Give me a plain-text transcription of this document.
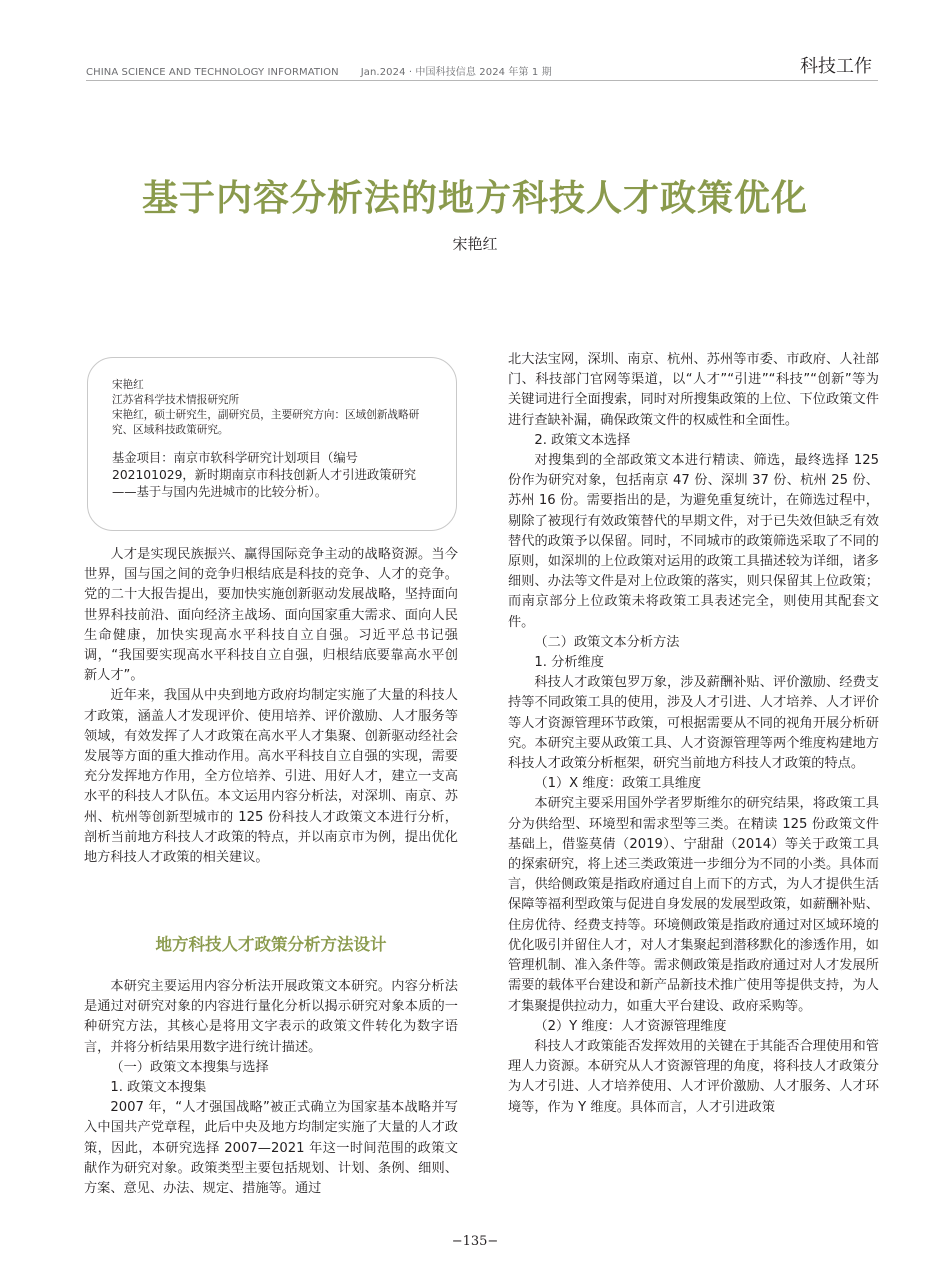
CHINA SCIENCE AND TECHNOLOGY INFORMATION Jan.2024 · 中国科技信息 2024 年第 1 期	科技工作
基于内容分析法的地方科技人才政策优化
宋艳红
宋艳红
江苏省科学技术情报研究所
宋艳红，硕士研究生，副研究员，主要研究方向：区域创新战略研究、区域科技政策研究。
基金项目：南京市软科学研究计划项目（编号202101029，新时期南京市科技创新人才引进政策研究——基于与国内先进城市的比较分析）。

人才是实现民族振兴、赢得国际竞争主动的战略资源。当今世界，国与国之间的竞争归根结底是科技的竞争、人才的竞争。党的二十大报告提出，要加快实施创新驱动发展战略，坚持面向世界科技前沿、面向经济主战场、面向国家重大需求、面向人民生命健康，加快实现高水平科技自立自强。习近平总书记强调，“我国要实现高水平科技自立自强，归根结底要靠高水平创新人才”。

近年来，我国从中央到地方政府均制定实施了大量的科技人才政策，涵盖人才发现评价、使用培养、评价激励、人才服务等领域，有效发挥了人才政策在高水平人才集聚、创新驱动经社会发展等方面的重大推动作用。高水平科技自立自强的实现，需要充分发挥地方作用，全方位培养、引进、用好人才，建立一支高水平的科技人才队伍。本文运用内容分析法，对深圳、南京、苏州、杭州等创新型城市的 125 份科技人才政策文本进行分析，剖析当前地方科技人才政策的特点，并以南京市为例，提出优化地方科技人才政策的相关建议。

地方科技人才政策分析方法设计

本研究主要运用内容分析法开展政策文本研究。内容分析法是通过对研究对象的内容进行量化分析以揭示研究对象本质的一种研究方法，其核心是将用文字表示的政策文件转化为数字语言，并将分析结果用数字进行统计描述。

（一）政策文本搜集与选择

1. 政策文本搜集

2007 年，“人才强国战略”被正式确立为国家基本战略并写入中国共产党章程，此后中央及地方均制定实施了大量的人才政策，因此，本研究选择 2007—2021 年这一时间范围的政策文献作为研究对象。政策类型主要包括规划、计划、条例、细则、方案、意见、办法、规定、措施等。通过

北大法宝网，深圳、南京、杭州、苏州等市委、市政府、人社部门、科技部门官网等渠道，以“人才”“引进”“科技”“创新”等为关键词进行全面搜索，同时对所搜集政策的上位、下位政策文件进行查缺补漏，确保政策文件的权威性和全面性。

2. 政策文本选择

对搜集到的全部政策文本进行精读、筛选，最终选择 125 份作为研究对象，包括南京 47 份、深圳 37 份、杭州 25 份、苏州 16 份。需要指出的是，为避免重复统计，在筛选过程中，剔除了被现行有效政策替代的早期文件，对于已失效但缺乏有效替代的政策予以保留。同时，不同城市的政策筛选采取了不同的原则，如深圳的上位政策对运用的政策工具描述较为详细，诸多细则、办法等文件是对上位政策的落实，则只保留其上位政策；而南京部分上位政策未将政策工具表述完全，则使用其配套文件。

（二）政策文本分析方法

1. 分析维度

科技人才政策包罗万象，涉及薪酬补贴、评价激励、经费支持等不同政策工具的使用，涉及人才引进、人才培养、人才评价等人才资源管理环节政策，可根据需要从不同的视角开展分析研究。本研究主要从政策工具、人才资源管理等两个维度构建地方科技人才政策分析框架，研究当前地方科技人才政策的特点。

（1）X 维度：政策工具维度

本研究主要采用国外学者罗斯维尔的研究结果，将政策工具分为供给型、环境型和需求型等三类。在精读 125 份政策文件基础上，借鉴莫倩（2019）、宁甜甜（2014）等关于政策工具的探索研究，将上述三类政策进一步细分为不同的小类。具体而言，供给侧政策是指政府通过自上而下的方式，为人才提供生活保障等福利型政策与促进自身发展的发展型政策，如薪酬补贴、住房优待、经费支持等。环境侧政策是指政府通过对区域环境的优化吸引并留住人才，对人才集聚起到潜移默化的渗透作用，如管理机制、准入条件等。需求侧政策是指政府通过对人才发展所需要的载体平台建设和新产品新技术推广使用等提供支持，为人才集聚提供拉动力，如重大平台建设、政府采购等。

（2）Y 维度：人才资源管理维度

科技人才政策能否发挥效用的关键在于其能否合理使用和管理人力资源。本研究从人才资源管理的角度，将科技人才政策分为人才引进、人才培养使用、人才评价激励、人才服务、人才环境等，作为 Y 维度。具体而言，人才引进政策

−135−
